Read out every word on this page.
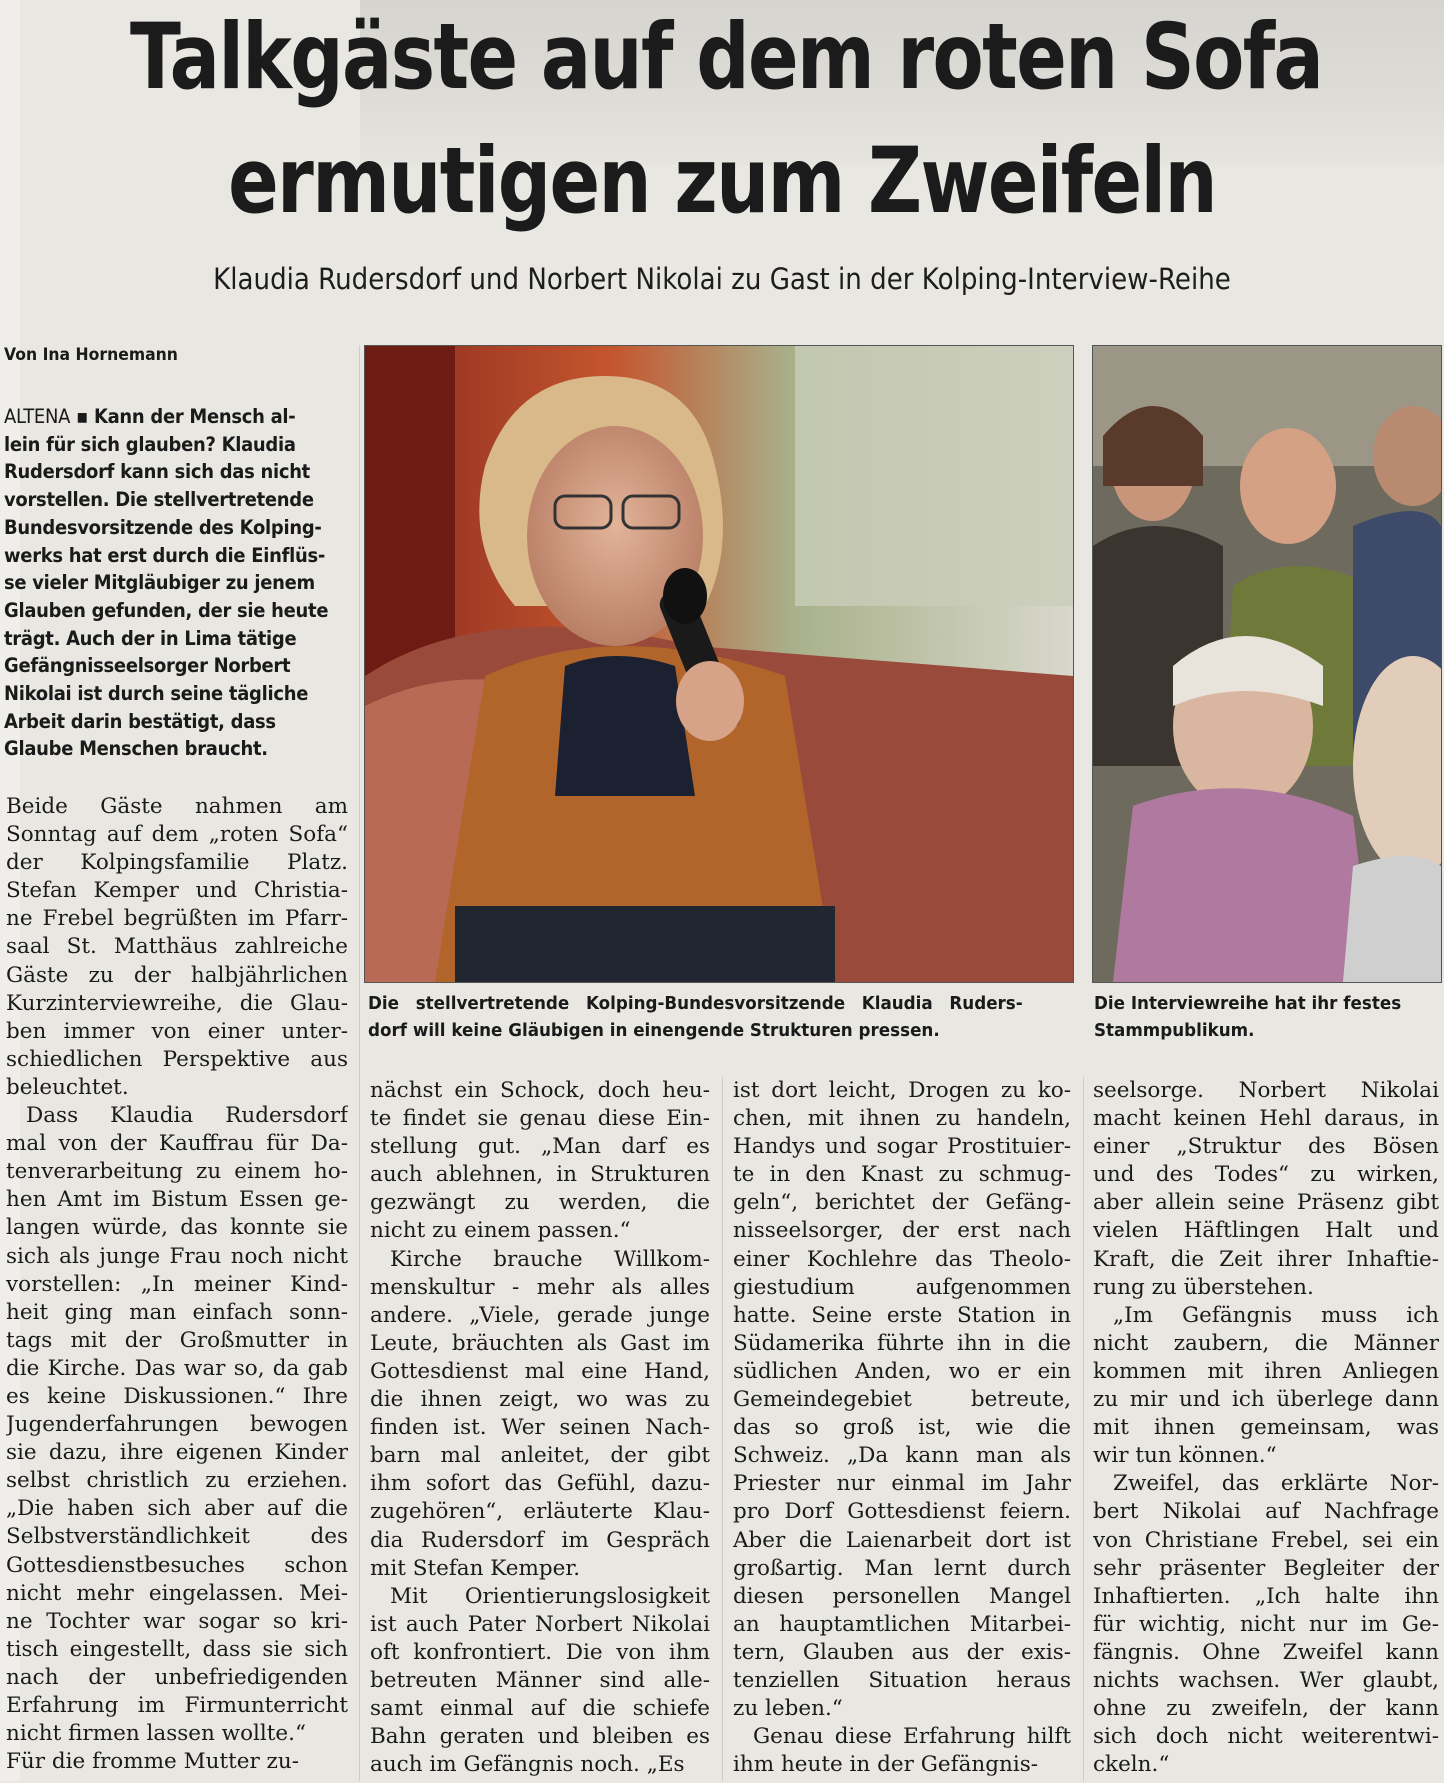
Talkgäste auf dem roten Sofa
ermutigen zum Zweifeln
Klaudia Rudersdorf und Norbert Nikolai zu Gast in der Kolping-Interview-Reihe
Von Ina Hornemann
ALTENA ▪ Kann der Mensch al-
lein für sich glauben? Klaudia
Rudersdorf kann sich das nicht
vorstellen. Die stellvertretende
Bundesvorsitzende des Kolping-
werks hat erst durch die Einflüs-
se vieler Mitgläubiger zu jenem
Glauben gefunden, der sie heute
trägt. Auch der in Lima tätige
Gefängnisseelsorger Norbert
Nikolai ist durch seine tägliche
Arbeit darin bestätigt, dass
Glaube Menschen braucht.
Die stellvertretende Kolping-Bundesvorsitzende Klaudia Ruders-
dorf will keine Gläubigen in einengende Strukturen pressen.
Die Interviewreihe hat ihr festes
Stammpublikum.
Beide Gäste nahmen am
Sonntag auf dem „roten Sofa“
der Kolpingsfamilie Platz.
Stefan Kemper und Christia-
ne Frebel begrüßten im Pfarr-
saal St. Matthäus zahlreiche
Gäste zu der halbjährlichen
Kurzinterviewreihe, die Glau-
ben immer von einer unter-
schiedlichen Perspektive aus
beleuchtet.
Dass Klaudia Rudersdorf
mal von der Kauffrau für Da-
tenverarbeitung zu einem ho-
hen Amt im Bistum Essen ge-
langen würde, das konnte sie
sich als junge Frau noch nicht
vorstellen: „In meiner Kind-
heit ging man einfach sonn-
tags mit der Großmutter in
die Kirche. Das war so, da gab
es keine Diskussionen.“ Ihre
Jugenderfahrungen bewogen
sie dazu, ihre eigenen Kinder
selbst christlich zu erziehen.
„Die haben sich aber auf die
Selbstverständlichkeit des
Gottesdienstbesuches schon
nicht mehr eingelassen. Mei-
ne Tochter war sogar so kri-
tisch eingestellt, dass sie sich
nach der unbefriedigenden
Erfahrung im Firmunterricht
nicht firmen lassen wollte.“
Für die fromme Mutter zu-
nächst ein Schock, doch heu-
te findet sie genau diese Ein-
stellung gut. „Man darf es
auch ablehnen, in Strukturen
gezwängt zu werden, die
nicht zu einem passen.“
Kirche brauche Willkom-
menskultur - mehr als alles
andere. „Viele, gerade junge
Leute, bräuchten als Gast im
Gottesdienst mal eine Hand,
die ihnen zeigt, wo was zu
finden ist. Wer seinen Nach-
barn mal anleitet, der gibt
ihm sofort das Gefühl, dazu-
zugehören“, erläuterte Klau-
dia Rudersdorf im Gespräch
mit Stefan Kemper.
Mit Orientierungslosigkeit
ist auch Pater Norbert Nikolai
oft konfrontiert. Die von ihm
betreuten Männer sind alle-
samt einmal auf die schiefe
Bahn geraten und bleiben es
auch im Gefängnis noch. „Es
ist dort leicht, Drogen zu ko-
chen, mit ihnen zu handeln,
Handys und sogar Prostituier-
te in den Knast zu schmug-
geln“, berichtet der Gefäng-
nisseelsorger, der erst nach
einer Kochlehre das Theolo-
giestudium aufgenommen
hatte. Seine erste Station in
Südamerika führte ihn in die
südlichen Anden, wo er ein
Gemeindegebiet betreute,
das so groß ist, wie die
Schweiz. „Da kann man als
Priester nur einmal im Jahr
pro Dorf Gottesdienst feiern.
Aber die Laienarbeit dort ist
großartig. Man lernt durch
diesen personellen Mangel
an hauptamtlichen Mitarbei-
tern, Glauben aus der exis-
tenziellen Situation heraus
zu leben.“
Genau diese Erfahrung hilft
ihm heute in der Gefängnis-
seelsorge. Norbert Nikolai
macht keinen Hehl daraus, in
einer „Struktur des Bösen
und des Todes“ zu wirken,
aber allein seine Präsenz gibt
vielen Häftlingen Halt und
Kraft, die Zeit ihrer Inhaftie-
rung zu überstehen.
„Im Gefängnis muss ich
nicht zaubern, die Männer
kommen mit ihren Anliegen
zu mir und ich überlege dann
mit ihnen gemeinsam, was
wir tun können.“
Zweifel, das erklärte Nor-
bert Nikolai auf Nachfrage
von Christiane Frebel, sei ein
sehr präsenter Begleiter der
Inhaftierten. „Ich halte ihn
für wichtig, nicht nur im Ge-
fängnis. Ohne Zweifel kann
nichts wachsen. Wer glaubt,
ohne zu zweifeln, der kann
sich doch nicht weiterentwi-
ckeln.“
